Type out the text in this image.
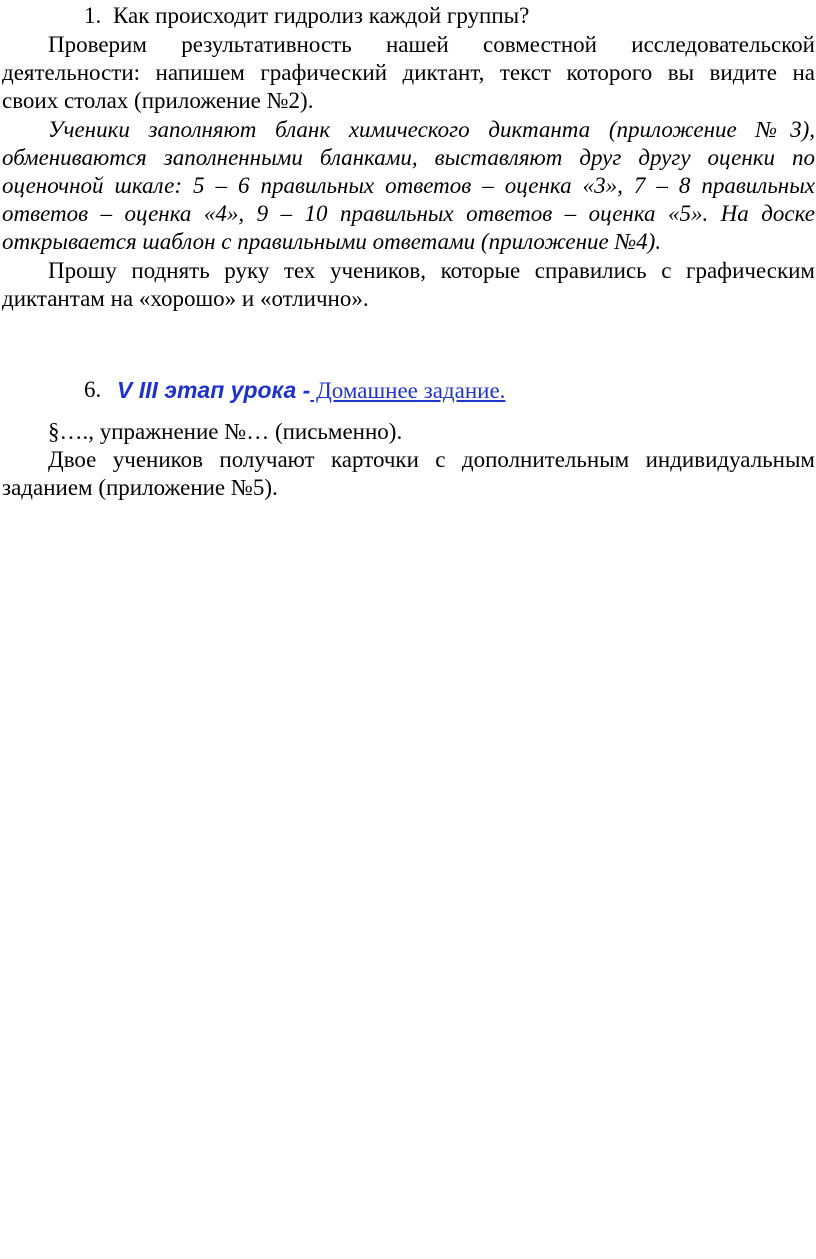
1. Как происходит гидролиз каждой группы?
Проверим результативность нашей совместной исследовательской
деятельности: напишем графический диктант, текст которого вы видите на
своих столах (приложение №2).
Ученики заполняют бланк химического диктанта (приложение №3),
обмениваются заполненными бланками, выставляют друг другу оценки по
оценочной шкале: 5 – 6 правильных ответов – оценка «3», 7 – 8 правильных
ответов – оценка «4», 9 – 10 правильных ответов – оценка «5». На доске
открывается шаблон с правильными ответами (приложение №4).
Прошу поднять руку тех учеников, которые справились с графическим
диктантам на «хорошо» и «отлично».
6. V III этап урока - Домашнее задание.
§…., упражнение №… (письменно).
Двое учеников получают карточки с дополнительным индивидуальным
заданием (приложение №5).
